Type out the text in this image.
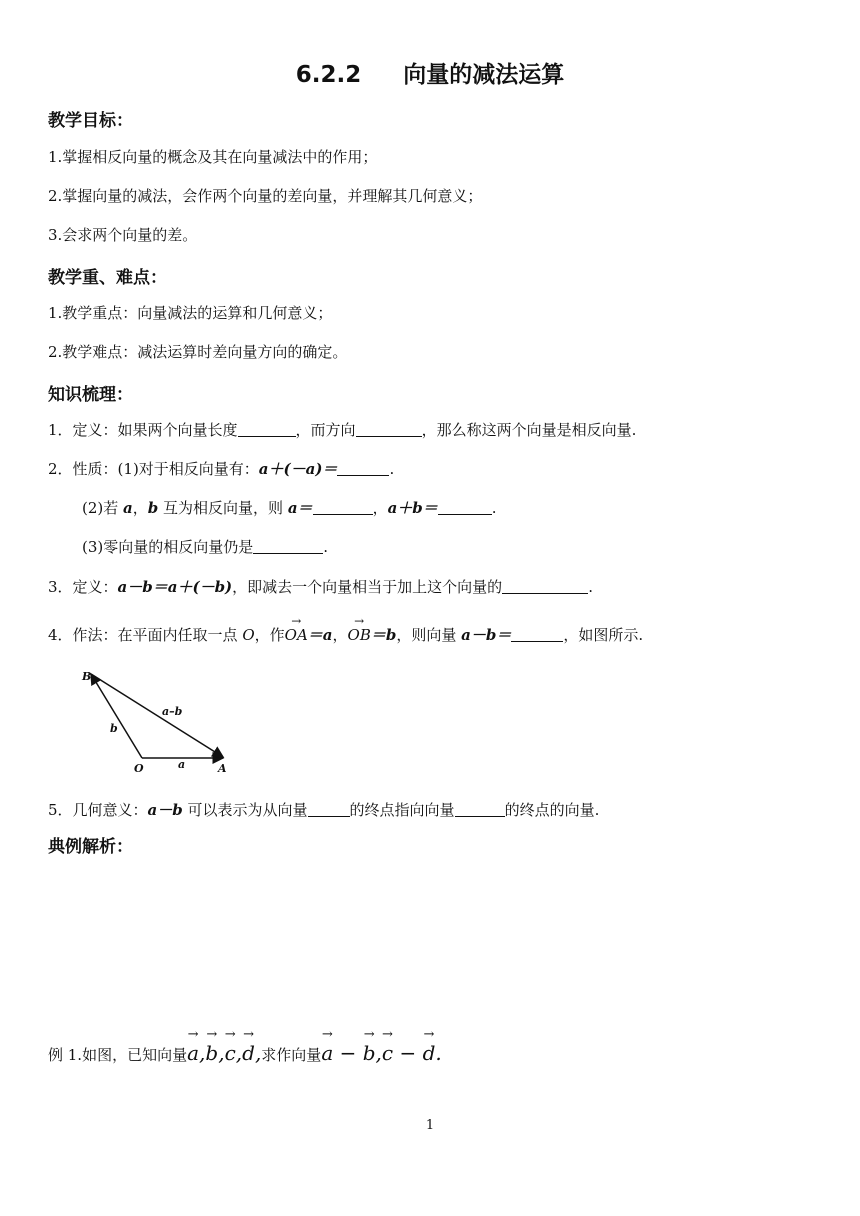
6.2.2 向量的减法运算
教学目标：
1.掌握相反向量的概念及其在向量减法中的作用；
2.掌握向量的减法，会作两个向量的差向量，并理解其几何意义；
3.会求两个向量的差。
教学重、难点：
1.教学重点：向量减法的运算和几何意义；
2.教学难点：减法运算时差向量方向的确定。
知识梳理：
1．定义：如果两个向量长度	，而方向	，那么称这两个向量是相反向量.
2．性质：(1)对于相反向量有：a＋(－a)＝	.
(2)若 a，b 互为相反向量，则 a＝	，a＋b＝	.
(3)零向量的相反向量仍是	.
3．定义：a－b＝a＋(－b)，即减去一个向量相当于加上这个向量的	.
4．作法：在平面内任取一点 O，作→ OA＝a，→ OB＝b，则向量 a－b＝	，如图所示.
B
O	A
a
b
a–b
5．几何意义：a－b 可以表示为从向量	的终点指向向量	的终点的向量.
典例解析：
例 1.如图，已知向量→ a,→ b,→ c,→ d,求作向量→ a − → b,→ c − → d.
1
